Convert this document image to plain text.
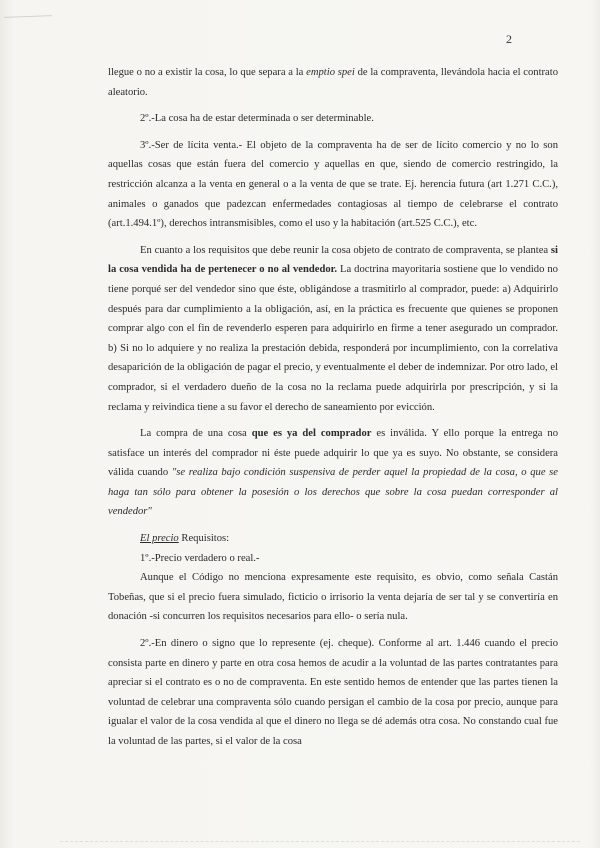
2

llegue o no a existir la cosa, lo que separa a la emptio spei de la compraventa, llevándola hacia el contrato aleatorio.

2º.-La cosa ha de estar determinada o ser determinable.

3º.-Ser de lícita venta.- El objeto de la compraventa ha de ser de lícito comercio y no lo son aquellas cosas que están fuera del comercio y aquellas en que, siendo de comercio restringido, la restricción alcanza a la venta en general o a la venta de que se trate. Ej. herencia futura (art 1.271 C.C.), animales o ganados que padezcan enfermedades contagiosas al tiempo de celebrarse el contrato (art.1.494.1º), derechos intransmisibles, como el uso y la habitación (art.525 C.C.), etc.

En cuanto a los requisitos que debe reunir la cosa objeto de contrato de compraventa, se plantea si la cosa vendida ha de pertenecer o no al vendedor. La doctrina mayoritaria sostiene que lo vendido no tiene porqué ser del vendedor sino que éste, obligándose a trasmitirlo al comprador, puede: a) Adquirirlo después para dar cumplimiento a la obligación, así, en la práctica es frecuente que quienes se proponen comprar algo con el fin de revenderlo esperen para adquirirlo en firme a tener asegurado un comprador. b) Si no lo adquiere y no realiza la prestación debida, responderá por incumplimiento, con la correlativa desaparición de la obligación de pagar el precio, y eventualmente el deber de indemnizar. Por otro lado, el comprador, si el verdadero dueño de la cosa no la reclama puede adquirirla por prescripción, y si la reclama y reivindica tiene a su favor el derecho de saneamiento por evicción.

La compra de una cosa que es ya del comprador es inválida. Y ello porque la entrega no satisface un interés del comprador ni éste puede adquirir lo que ya es suyo. No obstante, se considera válida cuando "se realiza bajo condición suspensiva de perder aquel la propiedad de la cosa, o que se haga tan sólo para obtener la posesión o los derechos que sobre la cosa puedan corresponder al vendedor"

El precio Requisitos:

1º.-Precio verdadero o real.-

Aunque el Código no menciona expresamente este requisito, es obvio, como señala Castán Tobeñas, que si el precio fuera simulado, ficticio o irrisorio la venta dejaría de ser tal y se convertiría en donación -si concurren los requisitos necesarios para ello- o sería nula.

2º.-En dinero o signo que lo represente (ej. cheque). Conforme al art. 1.446 cuando el precio consista parte en dinero y parte en otra cosa hemos de acudir a la voluntad de las partes contratantes para apreciar si el contrato es o no de compraventa. En este sentido hemos de entender que las partes tienen la voluntad de celebrar una compraventa sólo cuando persigan el cambio de la cosa por precio, aunque para igualar el valor de la cosa vendida al que el dinero no llega se dé además otra cosa. No constando cual fue la voluntad de las partes, si el valor de la cosa
